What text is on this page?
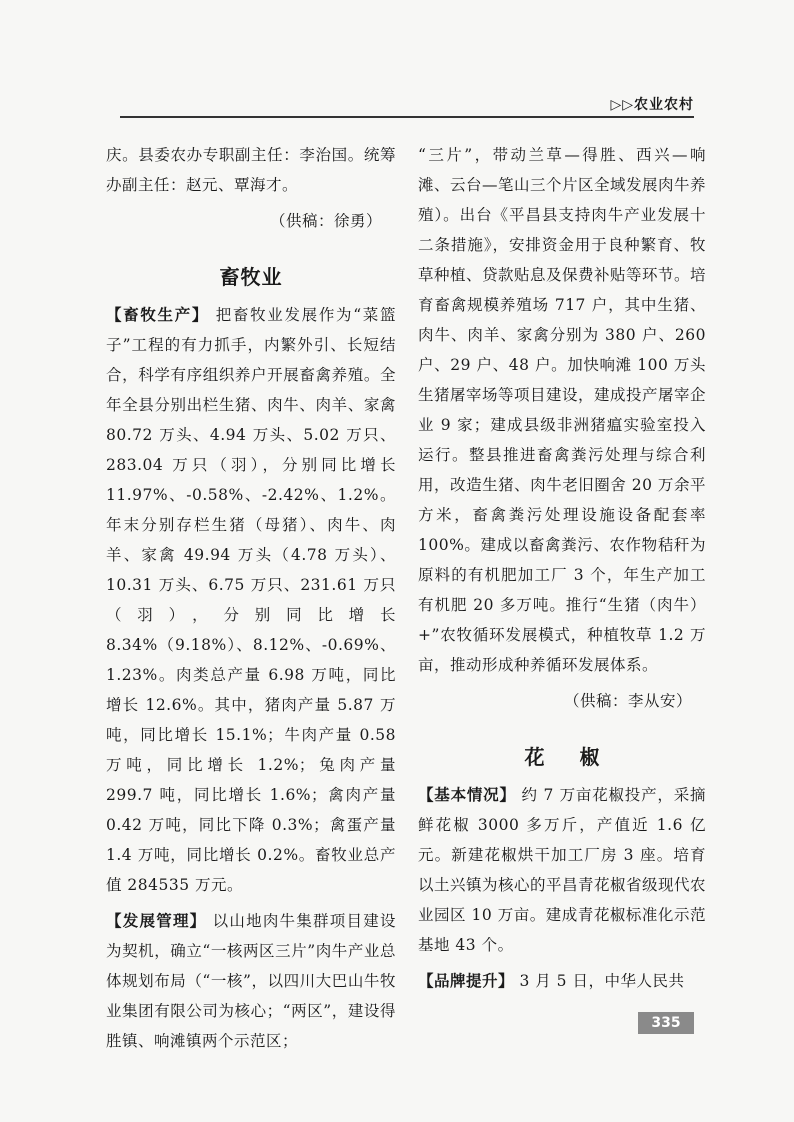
▷▷农业农村

庆。县委农办专职副主任：李治国。统筹办副主任：赵元、覃海才。

（供稿：徐勇）

畜牧业

【畜牧生产】 把畜牧业发展作为“菜篮子”工程的有力抓手，内繁外引、长短结合，科学有序组织养户开展畜禽养殖。全年全县分别出栏生猪、肉牛、肉羊、家禽 80.72 万头、4.94 万头、5.02 万只、283.04 万只（羽），分别同比增长 11.97%、-0.58%、-2.42%、1.2%。年末分别存栏生猪（母猪）、肉牛、肉羊、家禽 49.94 万头（4.78 万头）、10.31 万头、6.75 万只、231.61 万只（羽），分别同比增长 8.34%（9.18%）、8.12%、-0.69%、1.23%。肉类总产量 6.98 万吨，同比增长 12.6%。其中，猪肉产量 5.87 万吨，同比增长 15.1%；牛肉产量 0.58 万吨，同比增长 1.2%；兔肉产量 299.7 吨，同比增长 1.6%；禽肉产量 0.42 万吨，同比下降 0.3%；禽蛋产量 1.4 万吨，同比增长 0.2%。畜牧业总产值 284535 万元。

【发展管理】 以山地肉牛集群项目建设为契机，确立“一核两区三片”肉牛产业总体规划布局（“一核”，以四川大巴山牛牧业集团有限公司为核心；“两区”，建设得胜镇、响滩镇两个示范区；

“三片”，带动兰草—得胜、西兴—响滩、云台—笔山三个片区全域发展肉牛养殖）。出台《平昌县支持肉牛产业发展十二条措施》，安排资金用于良种繁育、牧草种植、贷款贴息及保费补贴等环节。培育畜禽规模养殖场 717 户，其中生猪、肉牛、肉羊、家禽分别为 380 户、260 户、29 户、48 户。加快响滩 100 万头生猪屠宰场等项目建设，建成投产屠宰企业 9 家；建成县级非洲猪瘟实验室投入运行。整县推进畜禽粪污处理与综合利用，改造生猪、肉牛老旧圈舍 20 万余平方米，畜禽粪污处理设施设备配套率 100%。建成以畜禽粪污、农作物秸秆为原料的有机肥加工厂 3 个，年生产加工有机肥 20 多万吨。推行“生猪（肉牛）+”农牧循环发展模式，种植牧草 1.2 万亩，推动形成种养循环发展体系。

（供稿：李从安）

花 椒

【基本情况】 约 7 万亩花椒投产，采摘鲜花椒 3000 多万斤，产值近 1.6 亿元。新建花椒烘干加工厂房 3 座。培育以土兴镇为核心的平昌青花椒省级现代农业园区 10 万亩。建成青花椒标准化示范基地 43 个。

【品牌提升】 3 月 5 日，中华人民共

335
